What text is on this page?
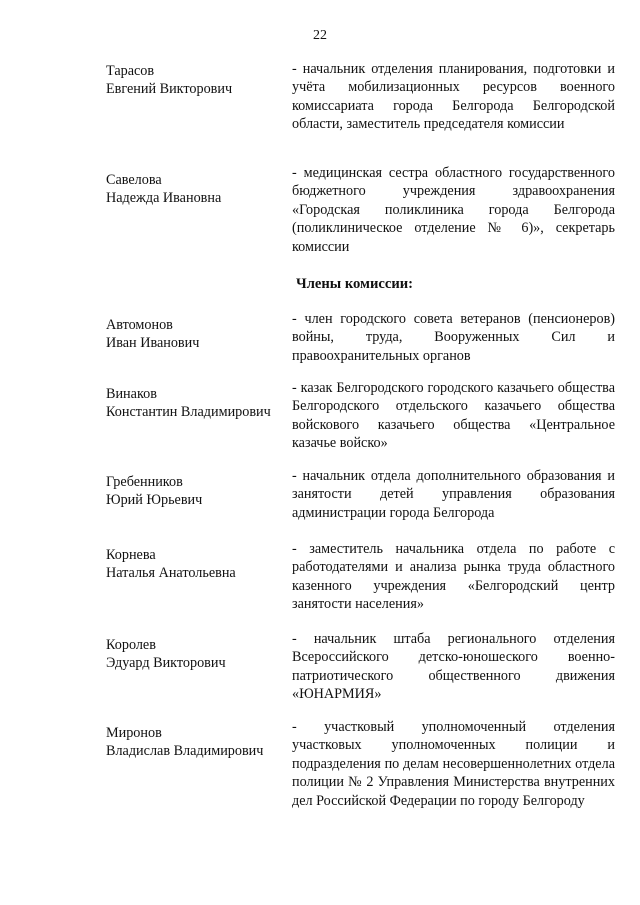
22
Тарасов
Евгений Викторович
- начальник отделения планирования, подготовки и учёта мобилизационных ресурсов военного комиссариата города Белгорода Белгородской области, заместитель председателя комиссии
Савелова
Надежда Ивановна
- медицинская сестра областного государственного бюджетного учреждения здравоохранения «Городская поликлиника города Белгорода (поликлиническое отделение № 6)», секретарь комиссии
Члены комиссии:
Автомонов
Иван Иванович
- член городского совета ветеранов (пенсионеров) войны, труда, Вооруженных Сил и правоохранительных органов
Винаков
Константин Владимирович
- казак Белгородского городского казачьего общества Белгородского отдельского казачьего общества войскового казачьего общества «Центральное казачье войско»
Гребенников
Юрий Юрьевич
- начальник отдела дополнительного образования и занятости детей управления образования администрации города Белгорода
Корнева
Наталья Анатольевна
- заместитель начальника отдела по работе с работодателями и анализа рынка труда областного казенного учреждения «Белгородский центр занятости населения»
Королев
Эдуард Викторович
- начальник штаба регионального отделения Всероссийского детско-юношеского военно-патриотического общественного движения «ЮНАРМИЯ»
Миронов
Владислав Владимирович
- участковый уполномоченный отделения участковых уполномоченных полиции и подразделения по делам несовершеннолетних отдела полиции № 2 Управления Министерства внутренних дел Российской Федерации по городу Белгороду
